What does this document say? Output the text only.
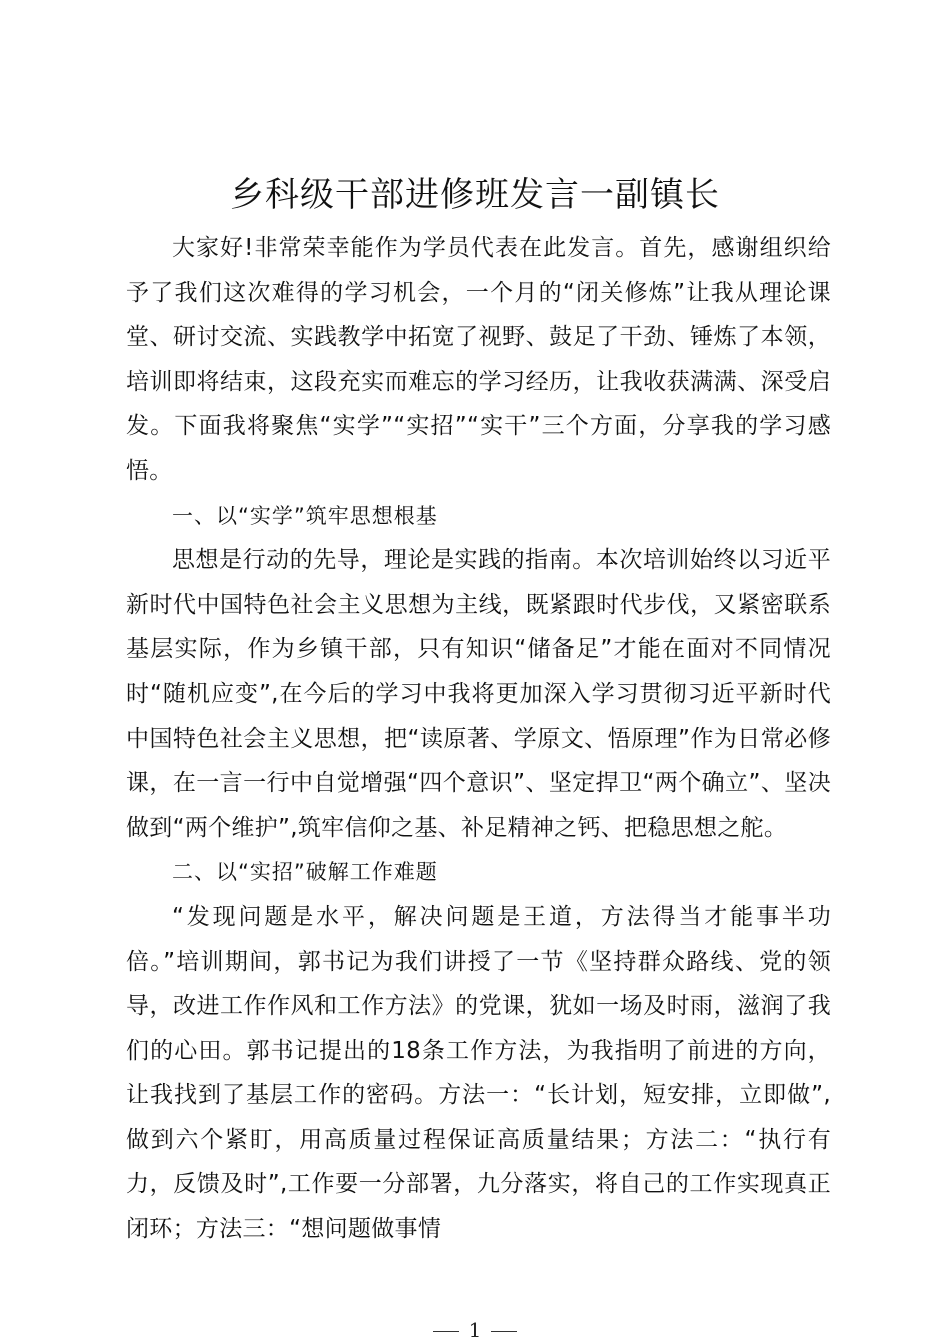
乡科级干部进修班发言一副镇长

大家好!非常荣幸能作为学员代表在此发言。首先，感谢组织给予了我们这次难得的学习机会，一个月的“闭关修炼”让我从理论课堂、研讨交流、实践教学中拓宽了视野、鼓足了干劲、锤炼了本领，培训即将结束，这段充实而难忘的学习经历，让我收获满满、深受启发。下面我将聚焦“实学”“实招”“实干”三个方面，分享我的学习感悟。

一、以“实学”筑牢思想根基

思想是行动的先导，理论是实践的指南。本次培训始终以习近平新时代中国特色社会主义思想为主线，既紧跟时代步伐，又紧密联系基层实际，作为乡镇干部，只有知识“储备足”才能在面对不同情况时“随机应变”,在今后的学习中我将更加深入学习贯彻习近平新时代中国特色社会主义思想，把“读原著、学原文、悟原理”作为日常必修课，在一言一行中自觉增强“四个意识”、坚定捍卫“两个确立”、坚决做到“两个维护”,筑牢信仰之基、补足精神之钙、把稳思想之舵。

二、以“实招”破解工作难题

“发现问题是水平，解决问题是王道，方法得当才能事半功倍。”培训期间，郭书记为我们讲授了一节《坚持群众路线、党的领导，改进工作作风和工作方法》的党课，犹如一场及时雨，滋润了我们的心田。郭书记提出的18条工作方法，为我指明了前进的方向，让我找到了基层工作的密码。方法一：“长计划，短安排，立即做”,做到六个紧盯，用高质量过程保证高质量结果；方法二：“执行有力，反馈及时”,工作要一分部署，九分落实，将自己的工作实现真正闭环；方法三：“想问题做事情

1
